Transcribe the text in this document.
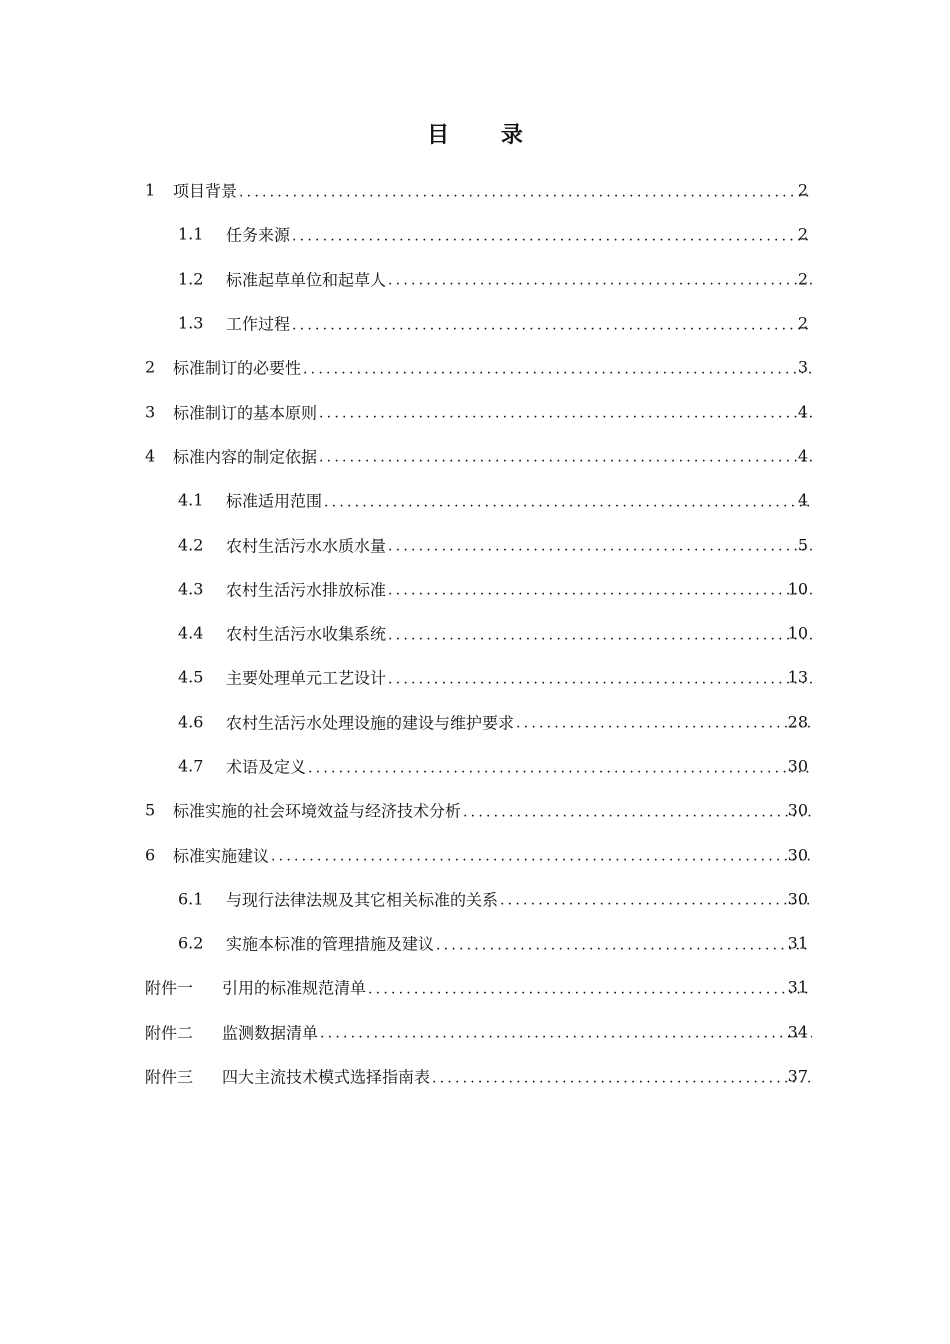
目 录
1 项目背景 .....	2
1.1 任务来源 .....	2
1.2 标准起草单位和起草人 .....	2
1.3 工作过程 .....	2
2 标准制订的必要性 .....	3
3 标准制订的基本原则 .....	4
4 标准内容的制定依据 .....	4
4.1 标准适用范围 .....	4
4.2 农村生活污水水质水量 .....	5
4.3 农村生活污水排放标准 .....	10
4.4 农村生活污水收集系统 .....	10
4.5 主要处理单元工艺设计 .....	13
4.6 农村生活污水处理设施的建设与维护要求 .....	28
4.7 术语及定义 .....	30
5 标准实施的社会环境效益与经济技术分析 .....	30
6 标准实施建议 .....	30
6.1 与现行法律法规及其它相关标准的关系 .....	30
6.2 实施本标准的管理措施及建议 .....	31
附件一 引用的标准规范清单 .....	31
附件二 监测数据清单 .....	34
附件三 四大主流技术模式选择指南表 .....	37
